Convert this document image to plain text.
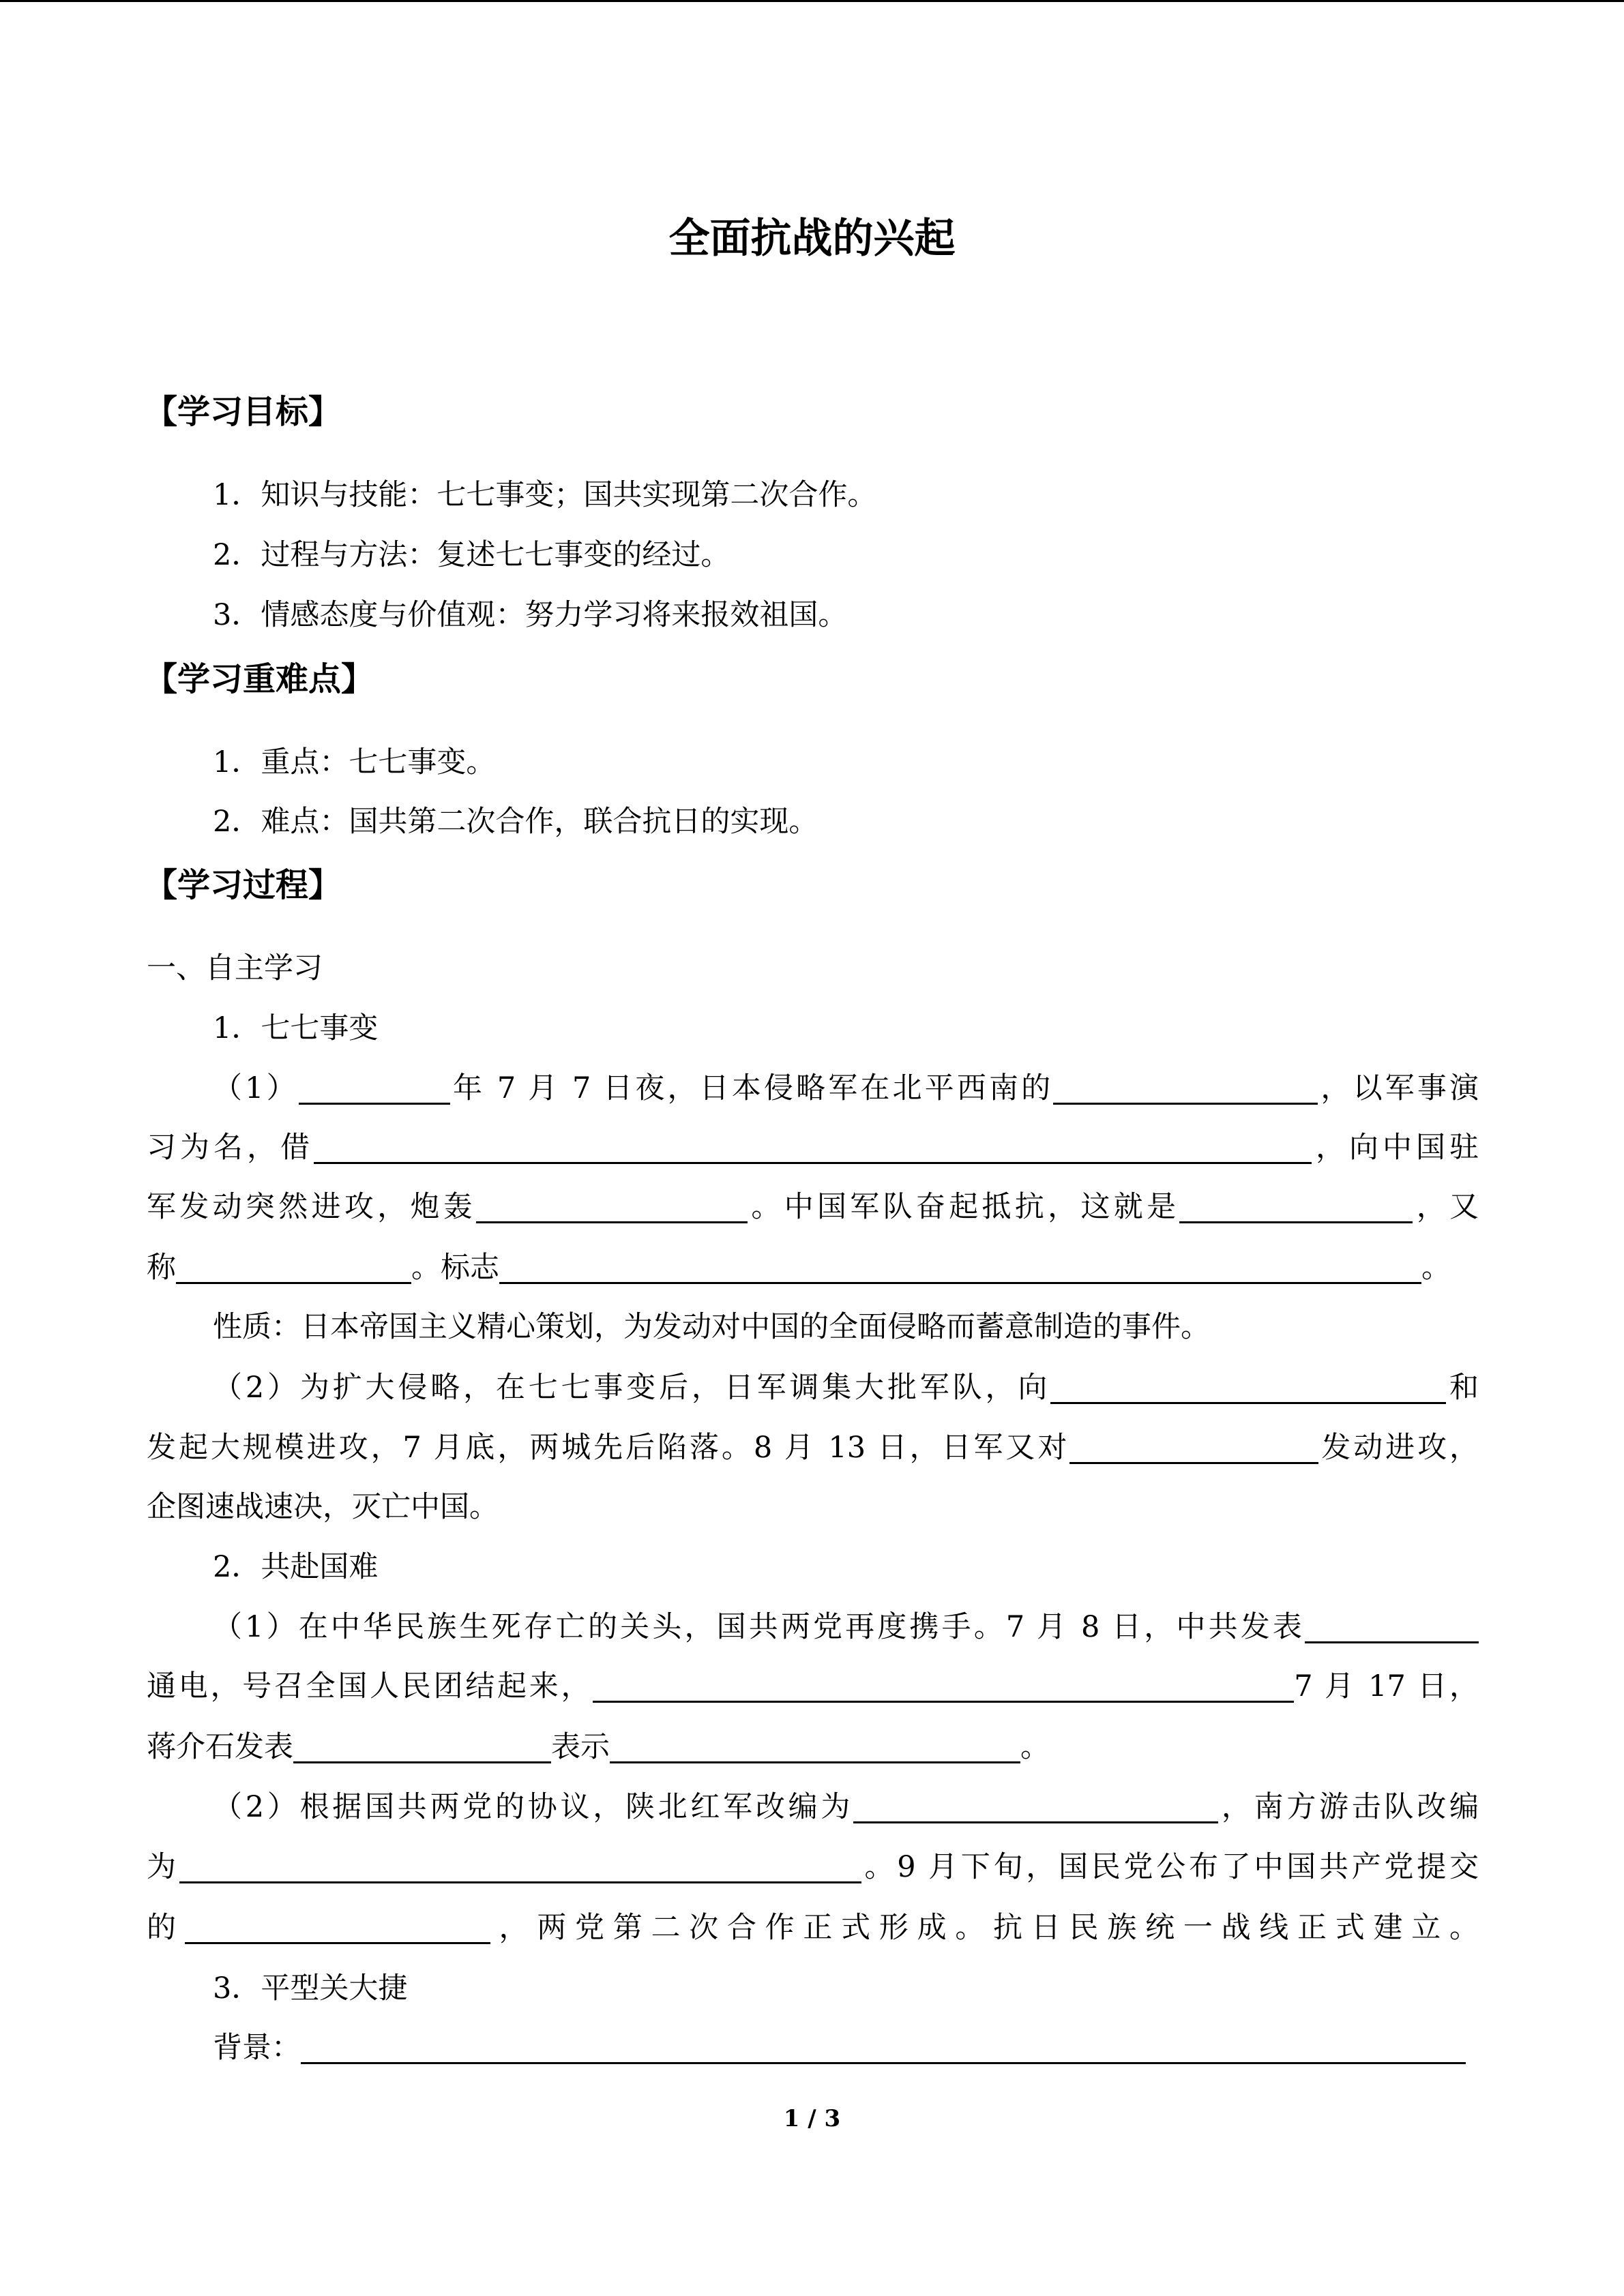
全面抗战的兴起
【学习目标】
1．知识与技能：七七事变；国共实现第二次合作。
2．过程与方法：复述七七事变的经过。
3．情感态度与价值观：努力学习将来报效祖国。
【学习重难点】
1．重点：七七事变。
2．难点：国共第二次合作，联合抗日的实现。
【学习过程】
一、自主学习
1．七七事变
（1）	年 7 月 7 日夜，日本侵略军在北平西南的	，以军事演
习为名，借	，向中国驻
军发动突然进攻，炮轰	。中国军队奋起抵抗，这就是	，又
称	。标志	。
性质：日本帝国主义精心策划，为发动对中国的全面侵略而蓄意制造的事件。
（2）为扩大侵略，在七七事变后，日军调集大批军队，向	和
发起大规模进攻，7 月底，两城先后陷落。8 月 13 日，日军又对	发动进攻，
企图速战速决，灭亡中国。
2．共赴国难
（1）在中华民族生死存亡的关头，国共两党再度携手。7 月 8 日，中共发表
通电，号召全国人民团结起来，	7 月 17 日，
蒋介石发表	表示	。
（2）根据国共两党的协议，陕北红军改编为	，南方游击队改编
为	。9 月下旬，国民党公布了中国共产党提交
的	，两党第二次合作正式形成。抗日民族统一战线正式建立。
3．平型关大捷
背景：
1 / 3
